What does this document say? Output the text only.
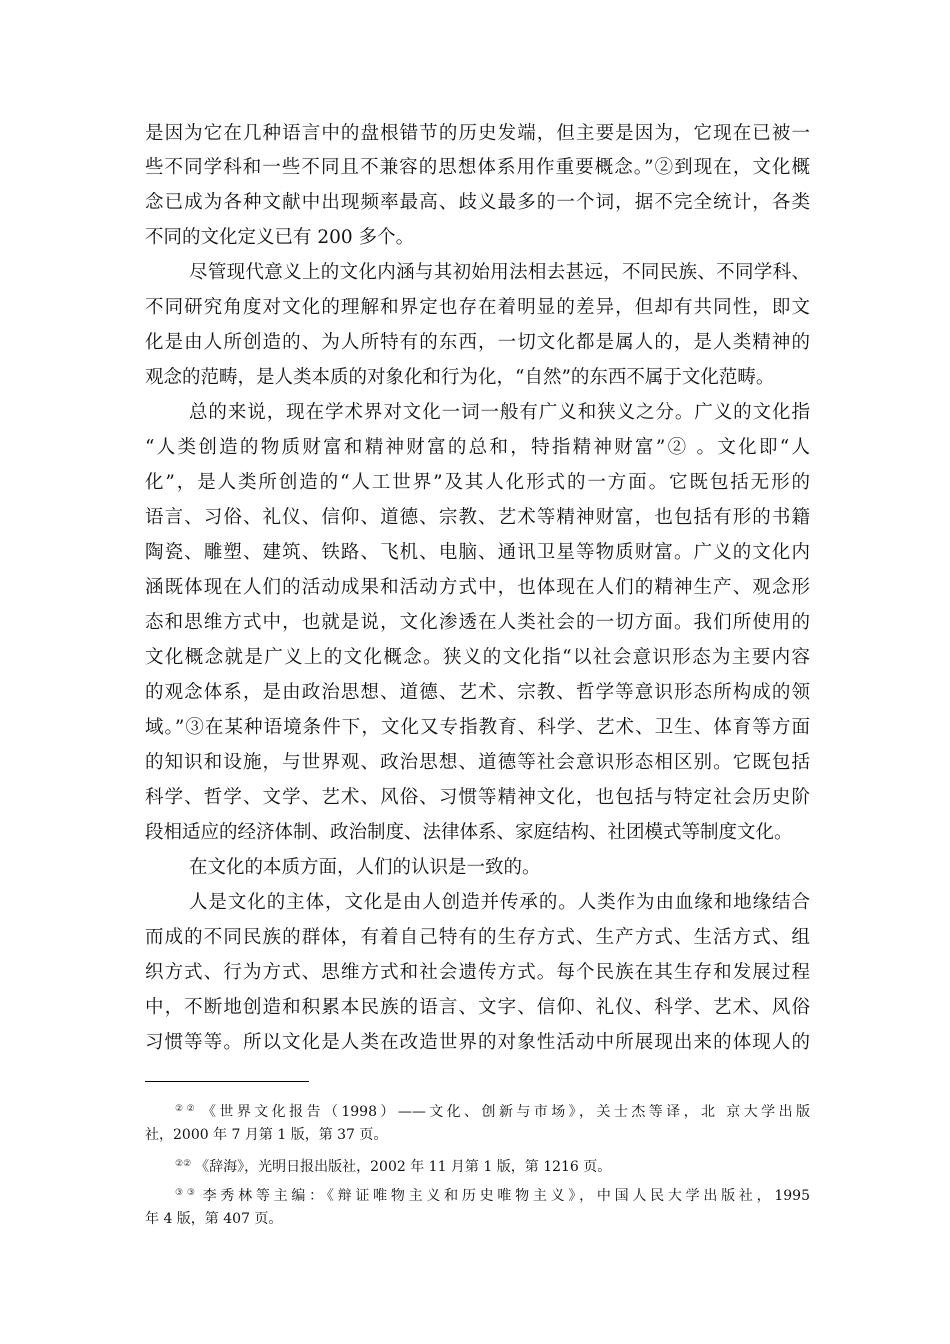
是因为它在几种语言中的盘根错节的历史发端，但主要是因为，它现在已被一
些不同学科和一些不同且不兼容的思想体系用作重要概念。”②到现在，文化概
念已成为各种文献中出现频率最高、歧义最多的一个词，据不完全统计，各类
不同的文化定义已有 200 多个。
尽管现代意义上的文化内涵与其初始用法相去甚远，不同民族、不同学科、
不同研究角度对文化的理解和界定也存在着明显的差异，但却有共同性，即文
化是由人所创造的、为人所特有的东西，一切文化都是属人的，是人类精神的
观念的范畴，是人类本质的对象化和行为化，“自然”的东西不属于文化范畴。
总的来说，现在学术界对文化一词一般有广义和狭义之分。广义的文化指
“人类创造的物质财富和精神财富的总和，特指精神财富”② 。文化即“人
化”，是人类所创造的“人工世界”及其人化形式的一方面。它既包括无形的
语言、习俗、礼仪、信仰、道德、宗教、艺术等精神财富，也包括有形的书籍
陶瓷、雕塑、建筑、铁路、飞机、电脑、通讯卫星等物质财富。广义的文化内
涵既体现在人们的活动成果和活动方式中，也体现在人们的精神生产、观念形
态和思维方式中，也就是说，文化渗透在人类社会的一切方面。我们所使用的
文化概念就是广义上的文化概念。狭义的文化指“以社会意识形态为主要内容
的观念体系，是由政治思想、道德、艺术、宗教、哲学等意识形态所构成的领
域。”③在某种语境条件下，文化又专指教育、科学、艺术、卫生、体育等方面
的知识和设施，与世界观、政治思想、道德等社会意识形态相区别。它既包括
科学、哲学、文学、艺术、风俗、习惯等精神文化，也包括与特定社会历史阶
段相适应的经济体制、政治制度、法律体系、家庭结构、社团模式等制度文化。
在文化的本质方面，人们的认识是一致的。
人是文化的主体，文化是由人创造并传承的。人类作为由血缘和地缘结合
而成的不同民族的群体，有着自己特有的生存方式、生产方式、生活方式、组
织方式、行为方式、思维方式和社会遗传方式。每个民族在其生存和发展过程
中，不断地创造和积累本民族的语言、文字、信仰、礼仪、科学、艺术、风俗
习惯等等。所以文化是人类在改造世界的对象性活动中所展现出来的体现人的
②② 《世界文化报告（1998）——文化、创新与市场》，关士杰等译，北 京大学出版
社，2000 年 7 月第 1 版，第 37 页。
②② 《辞海》，光明日报出版社，2002 年 11 月第 1 版，第 1216 页。
③③ 李秀林等主编：《辩证唯物主义和历史唯物主义》，中国人民大学出版社，1995
年 4 版，第 407 页。
